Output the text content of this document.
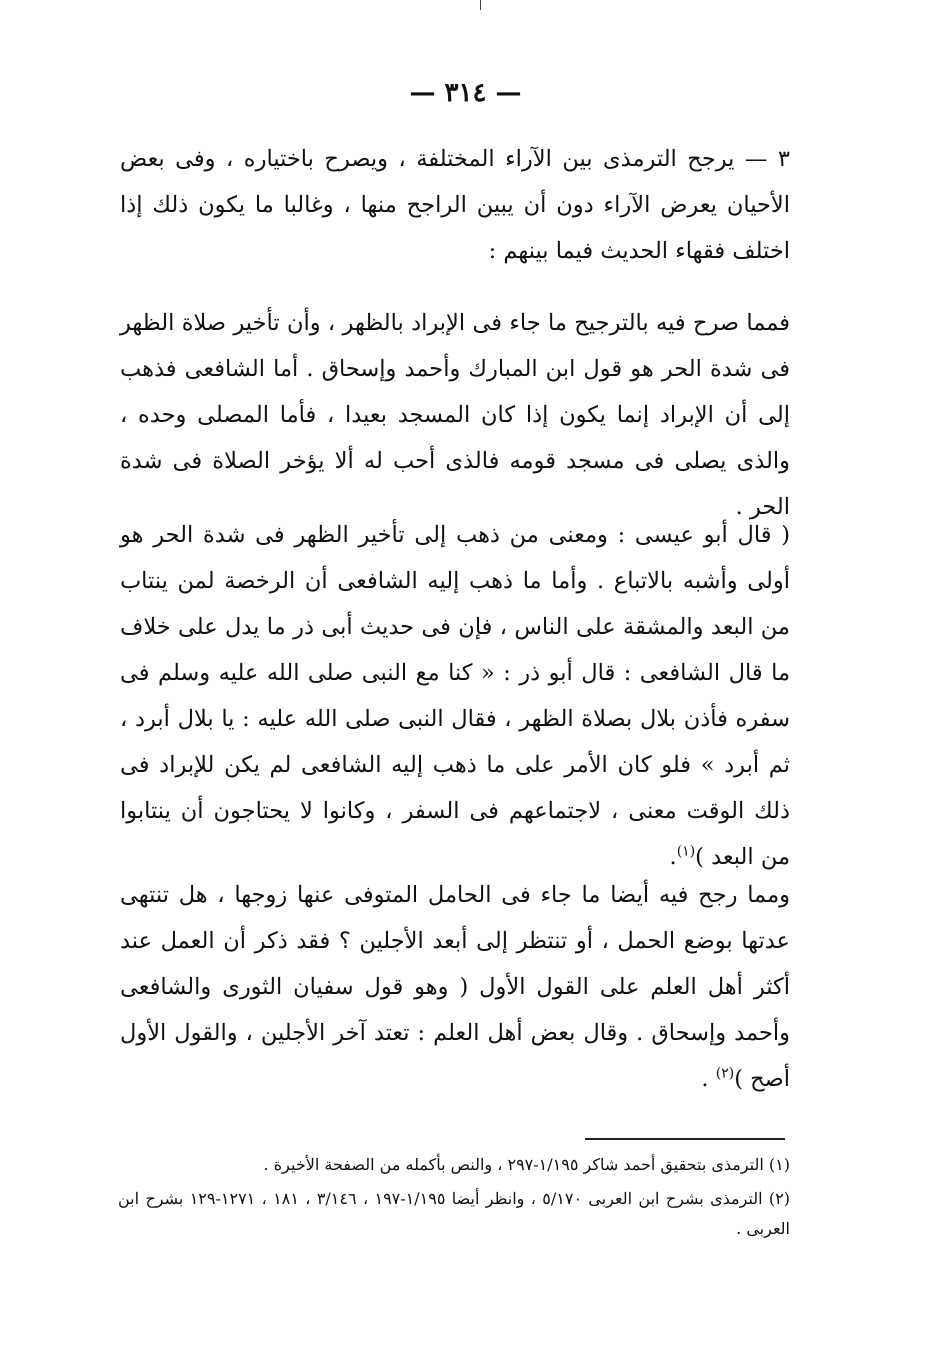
— ٣١٤ —

٣ — يرجح الترمذى بين الآراء المختلفة ، ويصرح باختياره ، وفى بعض الأحيان يعرض الآراء دون أن يبين الراجح منها ، وغالبا ما يكون ذلك إذا اختلف فقهاء الحديث فيما بينهم :

فمما صرح فيه بالترجيح ما جاء فى الإبراد بالظهر ، وأن تأخير صلاة الظهر فى شدة الحر هو قول ابن المبارك وأحمد وإسحاق . أما الشافعى فذهب إلى أن الإبراد إنما يكون إذا كان المسجد بعيدا ، فأما المصلى وحده ، والذى يصلى فى مسجد قومه فالذى أحب له ألا يؤخر الصلاة فى شدة الحر .

( قال أبو عيسى : ومعنى من ذهب إلى تأخير الظهر فى شدة الحر هو أولى وأشبه بالاتباع . وأما ما ذهب إليه الشافعى أن الرخصة لمن ينتاب من البعد والمشقة على الناس ، فإن فى حديث أبى ذر ما يدل على خلاف ما قال الشافعى : قال أبو ذر : « كنا مع النبى صلى الله عليه وسلم فى سفره فأذن بلال بصلاة الظهر ، فقال النبى صلى الله عليه : يا بلال أبرد ، ثم أبرد » فلو كان الأمر على ما ذهب إليه الشافعى لم يكن للإبراد فى ذلك الوقت معنى ، لاجتماعهم فى السفر ، وكانوا لا يحتاجون أن ينتابوا من البعد )$^{(١)}$.

ومما رجح فيه أيضا ما جاء فى الحامل المتوفى عنها زوجها ، هل تنتهى عدتها بوضع الحمل ، أو تنتظر إلى أبعد الأجلين ؟ فقد ذكر أن العمل عند أكثر أهل العلم على القول الأول ( وهو قول سفيان الثورى والشافعى وأحمد وإسحاق . وقال بعض أهل العلم : تعتد آخر الأجلين ، والقول الأول أصح )$^{(٢)}$ .

(١) الترمذى بتحقيق أحمد شاكر ١/١٩٥-٢٩٧ ، والنص بأكمله من الصفحة الأخيرة .

(٢) الترمذى بشرح ابن العربى ٥/١٧٠ ، وانظر أيضا ١/١٩٥-١٩٧ ، ٣/١٤٦ ، ١٨١ ، ١٢٧١-١٢٩ بشرح ابن العربى .
